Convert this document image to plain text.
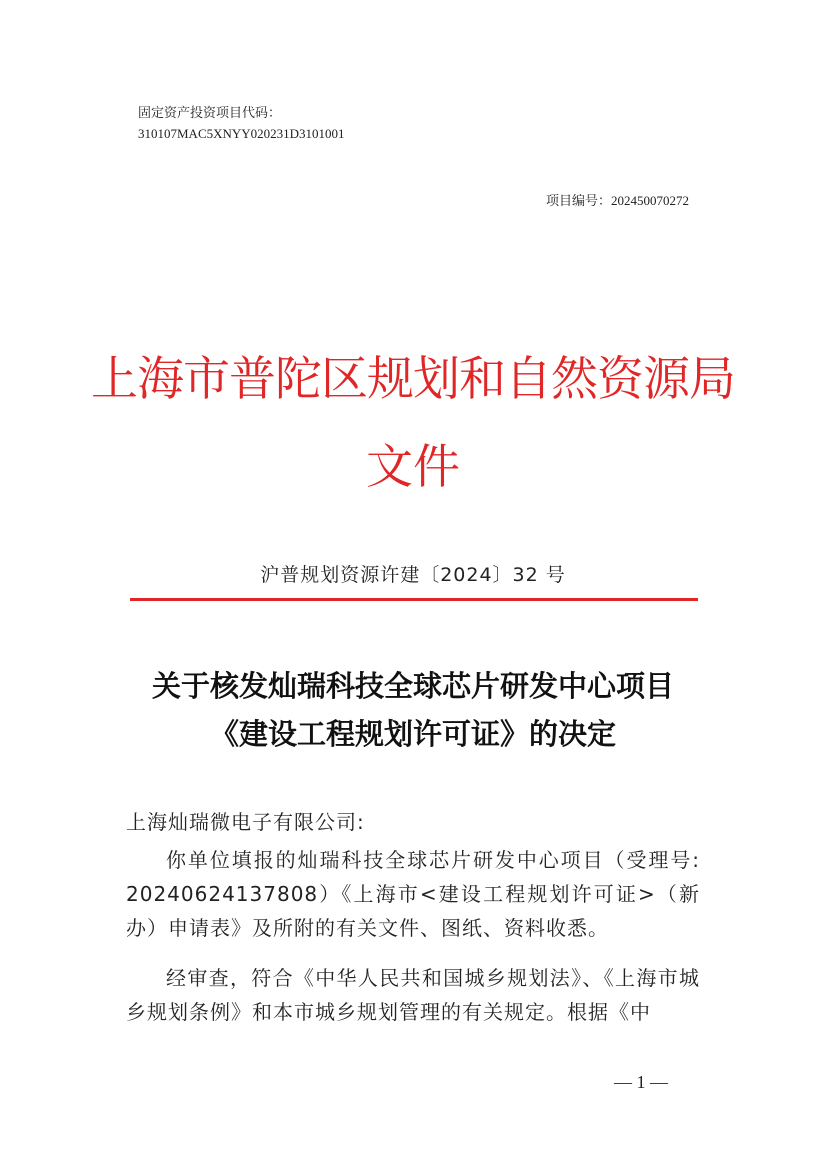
固定资产投资项目代码：
310107MAC5XNYY020231D3101001
项目编号：202450070272
上海市普陀区规划和自然资源局
文件
沪普规划资源许建〔2024〕32 号
关于核发灿瑞科技全球芯片研发中心项目
《建设工程规划许可证》的决定
上海灿瑞微电子有限公司:
你单位填报的灿瑞科技全球芯片研发中心项目（受理号: 20240624137808）《上海市<建设工程规划许可证>（新办）申请表》及所附的有关文件、图纸、资料收悉。
经审查，符合《中华人民共和国城乡规划法》、《上海市城乡规划条例》和本市城乡规划管理的有关规定。根据《中
— 1 —
